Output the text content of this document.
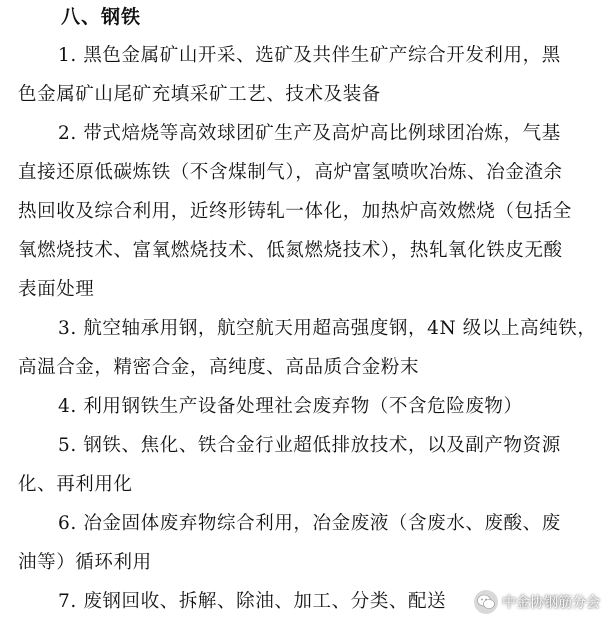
八、钢铁
1. 黑色金属矿山开采、选矿及共伴生矿产综合开发利用，黑
色金属矿山尾矿充填采矿工艺、技术及装备
2. 带式焙烧等高效球团矿生产及高炉高比例球团冶炼，气基
直接还原低碳炼铁（不含煤制气），高炉富氢喷吹冶炼、冶金渣余
热回收及综合利用，近终形铸轧一体化，加热炉高效燃烧（包括全
氧燃烧技术、富氧燃烧技术、低氮燃烧技术），热轧氧化铁皮无酸
表面处理
3. 航空轴承用钢，航空航天用超高强度钢，4N 级以上高纯铁，
高温合金，精密合金，高纯度、高品质合金粉末
4. 利用钢铁生产设备处理社会废弃物（不含危险废物）
5. 钢铁、焦化、铁合金行业超低排放技术，以及副产物资源
化、再利用化
6. 冶金固体废弃物综合利用，冶金废液（含废水、废酸、废
油等）循环利用
7. 废钢回收、拆解、除油、加工、分类、配送	中金协钢筋分会
